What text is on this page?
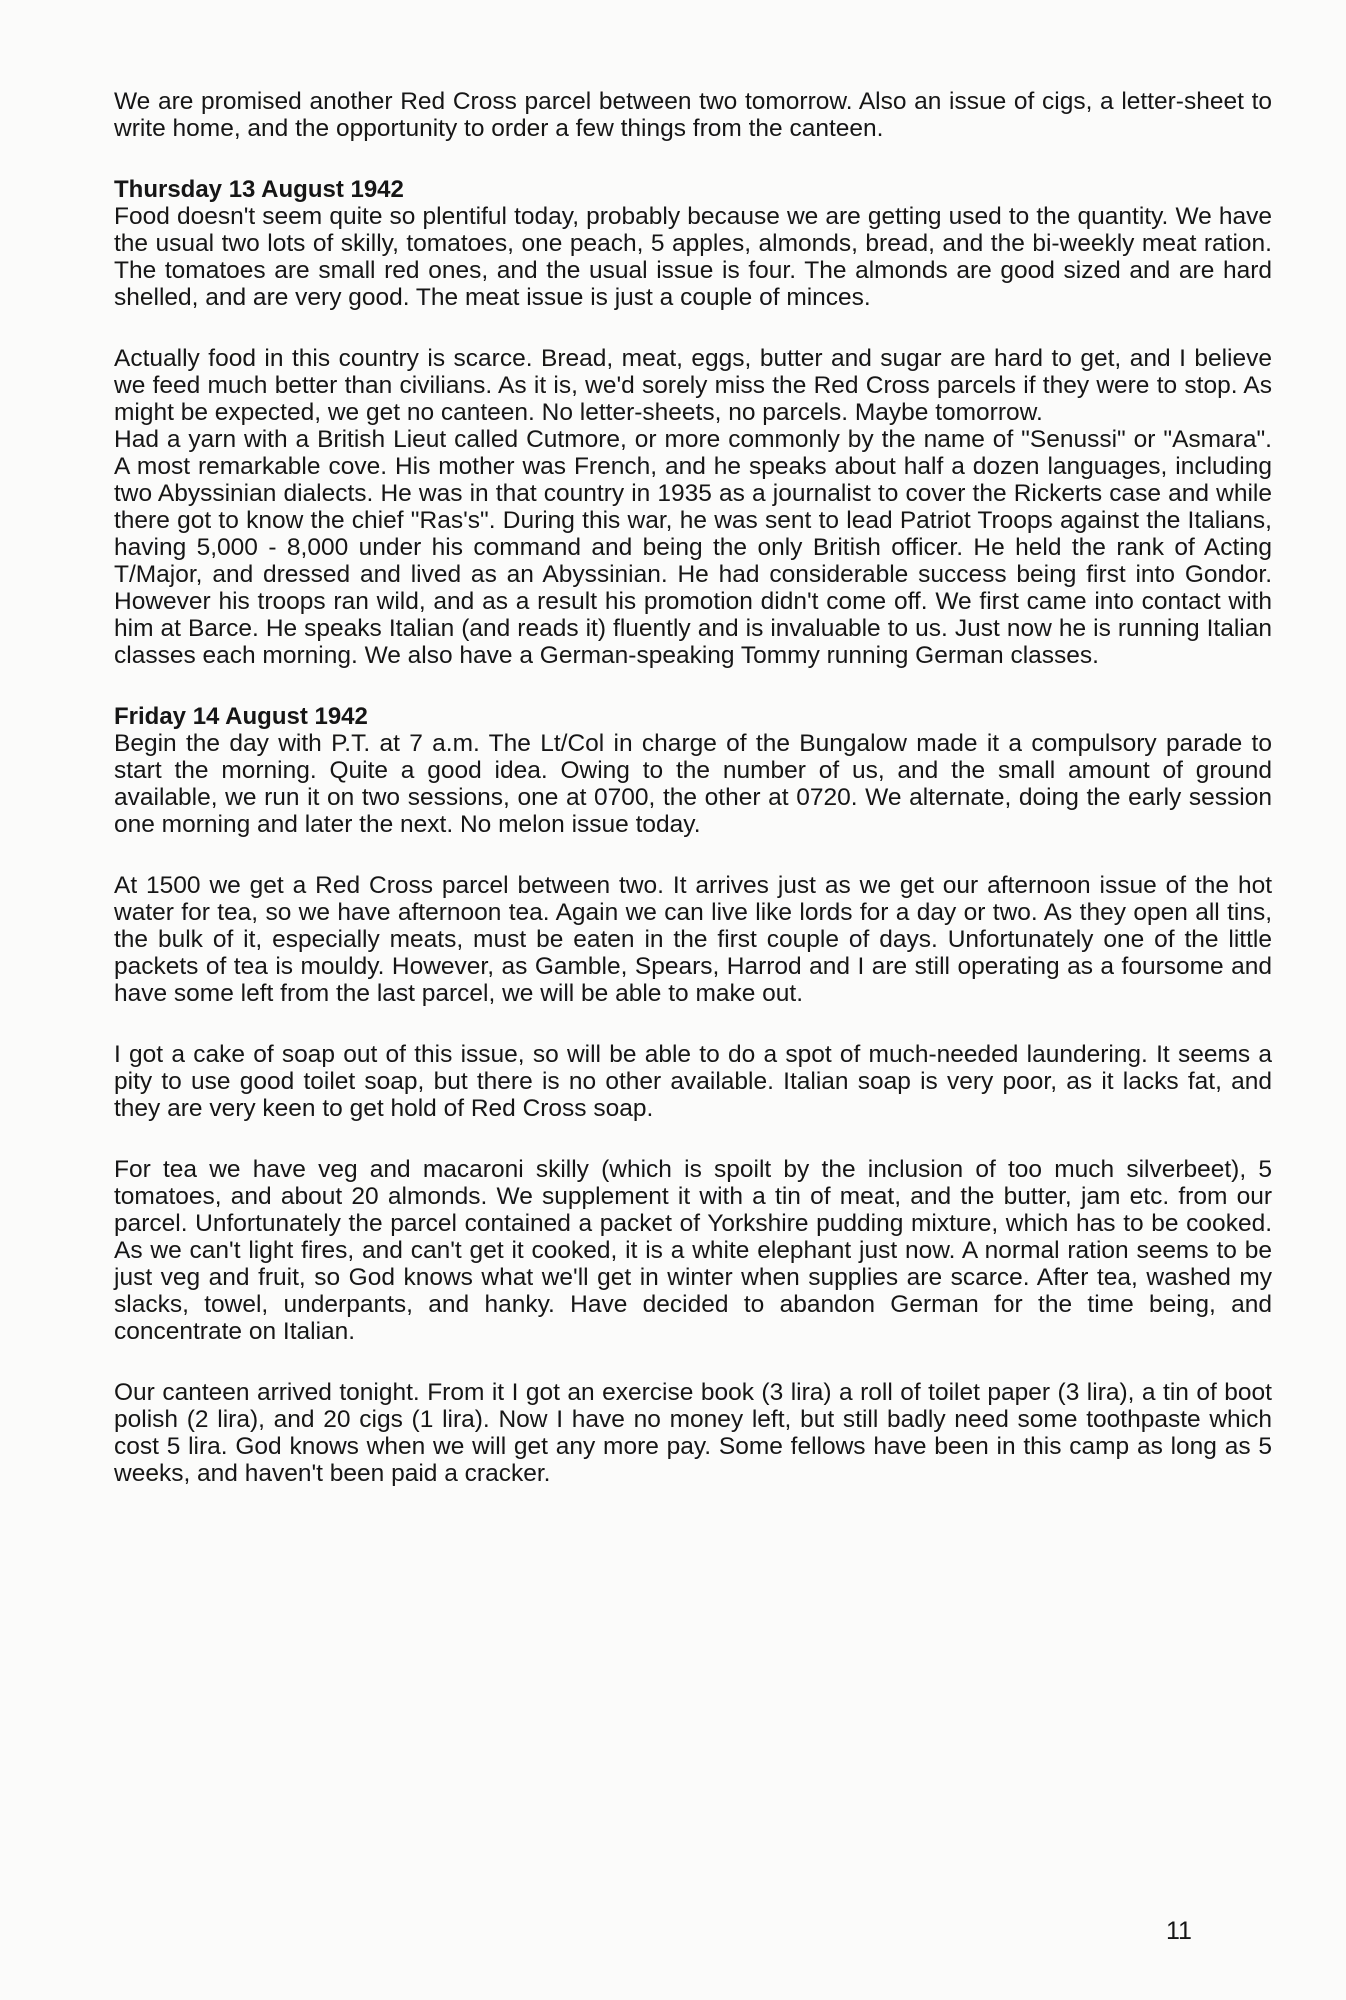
We are promised another Red Cross parcel between two tomorrow. Also an issue of cigs, a letter-sheet to write home, and the opportunity to order a few things from the canteen.

Thursday 13 August 1942

Food doesn't seem quite so plentiful today, probably because we are getting used to the quantity. We have the usual two lots of skilly, tomatoes, one peach, 5 apples, almonds, bread, and the bi-weekly meat ration. The tomatoes are small red ones, and the usual issue is four. The almonds are good sized and are hard shelled, and are very good. The meat issue is just a couple of minces.

Actually food in this country is scarce. Bread, meat, eggs, butter and sugar are hard to get, and I believe we feed much better than civilians. As it is, we'd sorely miss the Red Cross parcels if they were to stop. As might be expected, we get no canteen. No letter-sheets, no parcels. Maybe tomorrow.

Had a yarn with a British Lieut called Cutmore, or more commonly by the name of "Senussi" or "Asmara". A most remarkable cove. His mother was French, and he speaks about half a dozen languages, including two Abyssinian dialects. He was in that country in 1935 as a journalist to cover the Rickerts case and while there got to know the chief "Ras's". During this war, he was sent to lead Patriot Troops against the Italians, having 5,000 - 8,000 under his command and being the only British officer. He held the rank of Acting T/Major, and dressed and lived as an Abyssinian. He had considerable success being first into Gondor. However his troops ran wild, and as a result his promotion didn't come off. We first came into contact with him at Barce. He speaks Italian (and reads it) fluently and is invaluable to us. Just now he is running Italian classes each morning. We also have a German-speaking Tommy running German classes.

Friday 14 August 1942

Begin the day with P.T. at 7 a.m. The Lt/Col in charge of the Bungalow made it a compulsory parade to start the morning. Quite a good idea. Owing to the number of us, and the small amount of ground available, we run it on two sessions, one at 0700, the other at 0720. We alternate, doing the early session one morning and later the next. No melon issue today.

At 1500 we get a Red Cross parcel between two. It arrives just as we get our afternoon issue of the hot water for tea, so we have afternoon tea. Again we can live like lords for a day or two. As they open all tins, the bulk of it, especially meats, must be eaten in the first couple of days. Unfortunately one of the little packets of tea is mouldy. However, as Gamble, Spears, Harrod and I are still operating as a foursome and have some left from the last parcel, we will be able to make out.

I got a cake of soap out of this issue, so will be able to do a spot of much-needed laundering. It seems a pity to use good toilet soap, but there is no other available. Italian soap is very poor, as it lacks fat, and they are very keen to get hold of Red Cross soap.

For tea we have veg and macaroni skilly (which is spoilt by the inclusion of too much silverbeet), 5 tomatoes, and about 20 almonds. We supplement it with a tin of meat, and the butter, jam etc. from our parcel. Unfortunately the parcel contained a packet of Yorkshire pudding mixture, which has to be cooked. As we can't light fires, and can't get it cooked, it is a white elephant just now. A normal ration seems to be just veg and fruit, so God knows what we'll get in winter when supplies are scarce. After tea, washed my slacks, towel, underpants, and hanky. Have decided to abandon German for the time being, and concentrate on Italian.

Our canteen arrived tonight. From it I got an exercise book (3 lira) a roll of toilet paper (3 lira), a tin of boot polish (2 lira), and 20 cigs (1 lira). Now I have no money left, but still badly need some toothpaste which cost 5 lira. God knows when we will get any more pay. Some fellows have been in this camp as long as 5 weeks, and haven't been paid a cracker.

11
